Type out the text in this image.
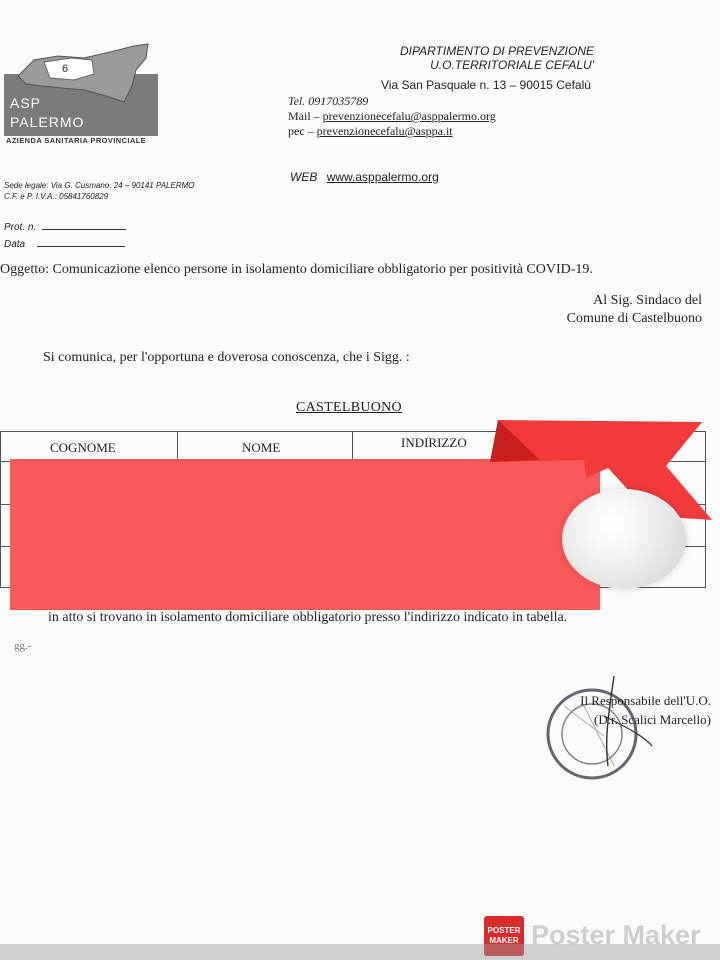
6
ASP
PALERMO
AZIENDA SANITARIA PROVINCIALE
DIPARTIMENTO DI PREVENZIONE
U.O.TERRITORIALE CEFALU'
Via San Pasquale n. 13 – 90015 Cefalù
Tel. 0917035789
Mail – prevenzionecefalu@asppalermo.org
pec – prevenzionecefalu@asppa.it
WEB www.asppalermo.org
Sede legale: Via G. Cusmano, 24 – 90141 PALERMO
C.F. e P. I.V.A.: 05841760829
Prot. n.
Data
Oggetto: Comunicazione elenco persone in isolamento domiciliare obbligatorio per positività COVID-19.
Al Sig. Sindaco del
Comune di Castelbuono
Si comunica, per l'opportuna e doverosa conoscenza, che i Sigg. :
CASTELBUONO
COGNOME	NOME	INDIRIZZO
in atto si trovano in isolamento domiciliare obbligatorio presso l'indirizzo indicato in tabella.
gg.-
Il Responsabile dell'U.O.
(D.r. Scalici Marcello)
POSTER MAKER Poster Maker
